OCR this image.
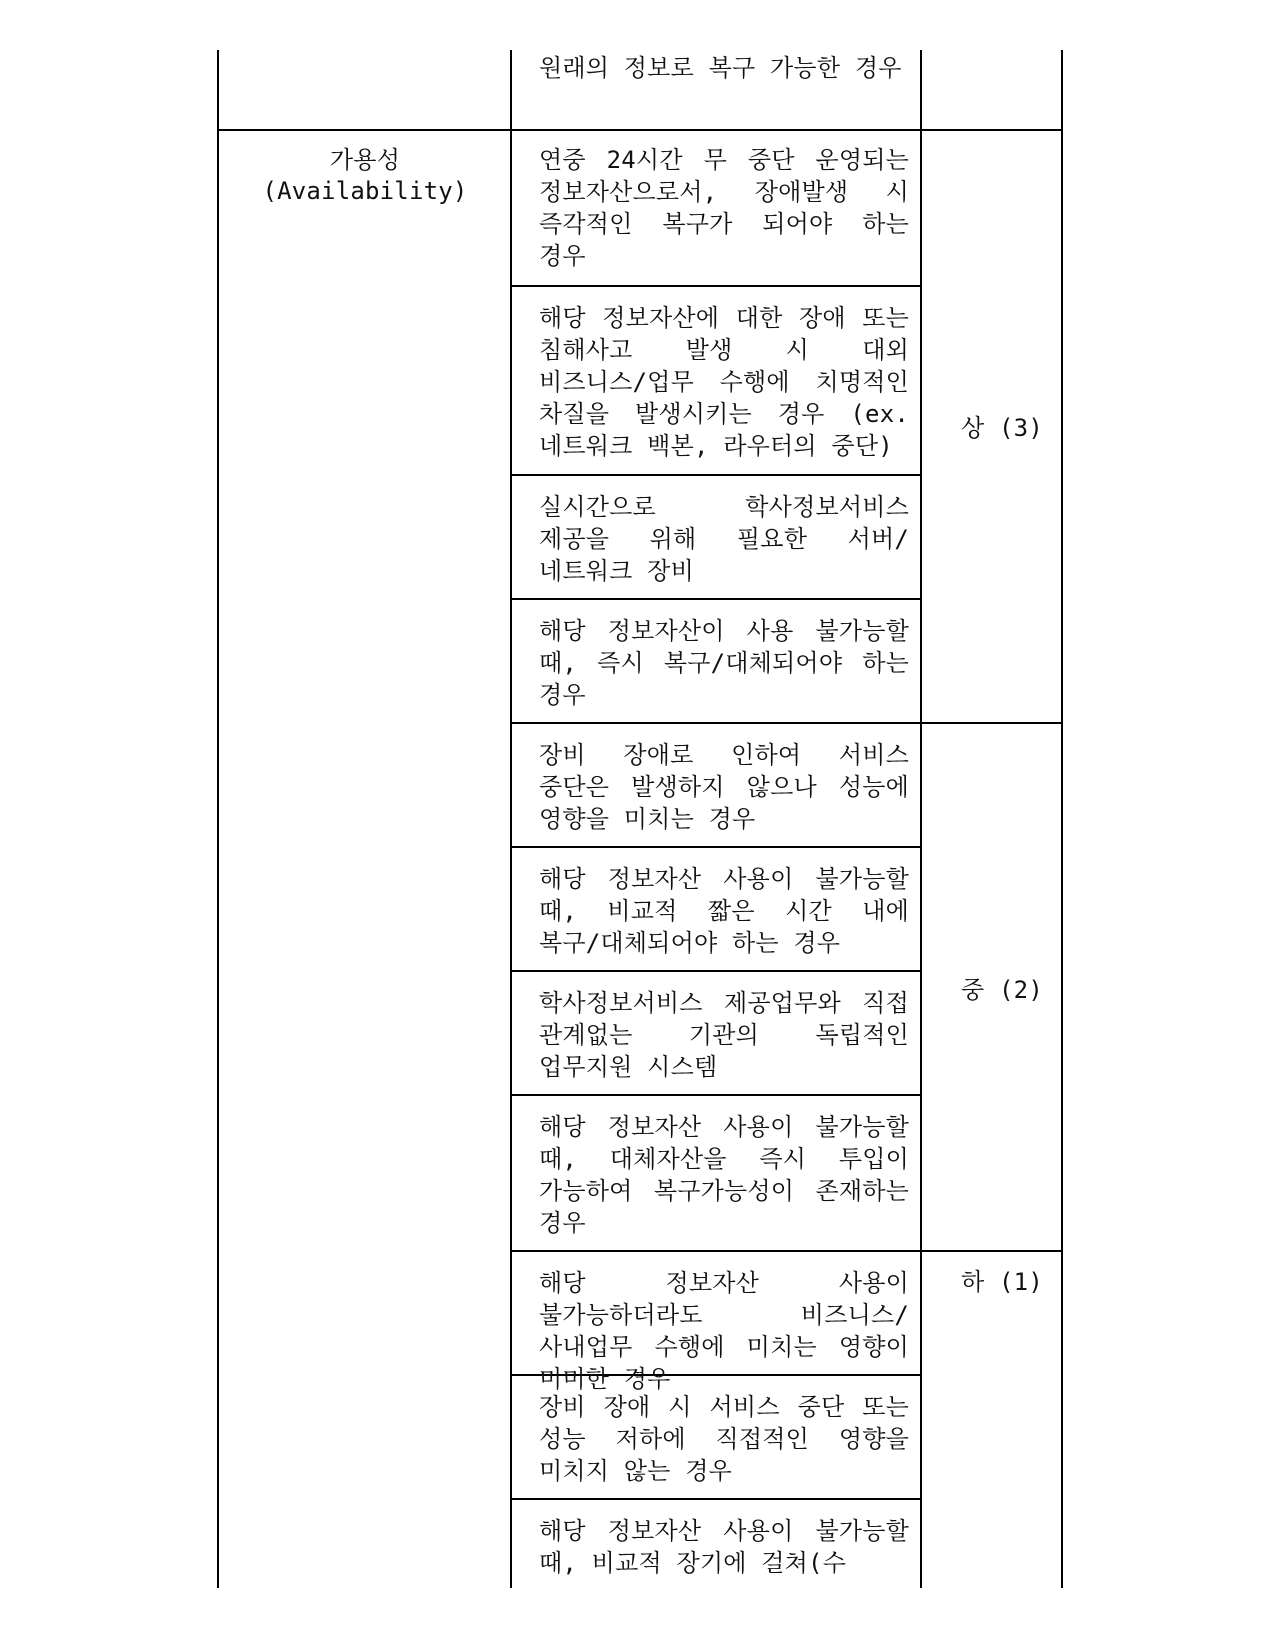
원래의 정보로 복구 가능한 경우
가용성
(Availability)
상 (3)
연중 24시간 무 중단 운영되는 정보자산으로서, 장애발생 시 즉각적인 복구가 되어야 하는 경우
해당 정보자산에 대한 장애 또는 침해사고 발생 시 대외 비즈니스/업무 수행에 치명적인 차질을 발생시키는 경우 (ex. 네트워크 백본, 라우터의 중단)
실시간으로 학사정보서비스 제공을 위해 필요한 서버/네트워크 장비
해당 정보자산이 사용 불가능할 때, 즉시 복구/대체되어야 하는 경우
중 (2)
장비 장애로 인하여 서비스 중단은 발생하지 않으나 성능에 영향을 미치는 경우
해당 정보자산 사용이 불가능할 때, 비교적 짧은 시간 내에 복구/대체되어야 하는 경우
학사정보서비스 제공업무와 직접 관계없는 기관의 독립적인 업무지원 시스템
해당 정보자산 사용이 불가능할 때, 대체자산을 즉시 투입이 가능하여 복구가능성이 존재하는 경우
하 (1)
해당 정보자산 사용이 불가능하더라도 비즈니스/사내업무 수행에 미치는 영향이 미미한 경우
장비 장애 시 서비스 중단 또는 성능 저하에 직접적인 영향을 미치지 않는 경우
해당 정보자산 사용이 불가능할 때, 비교적 장기에 걸쳐(수
